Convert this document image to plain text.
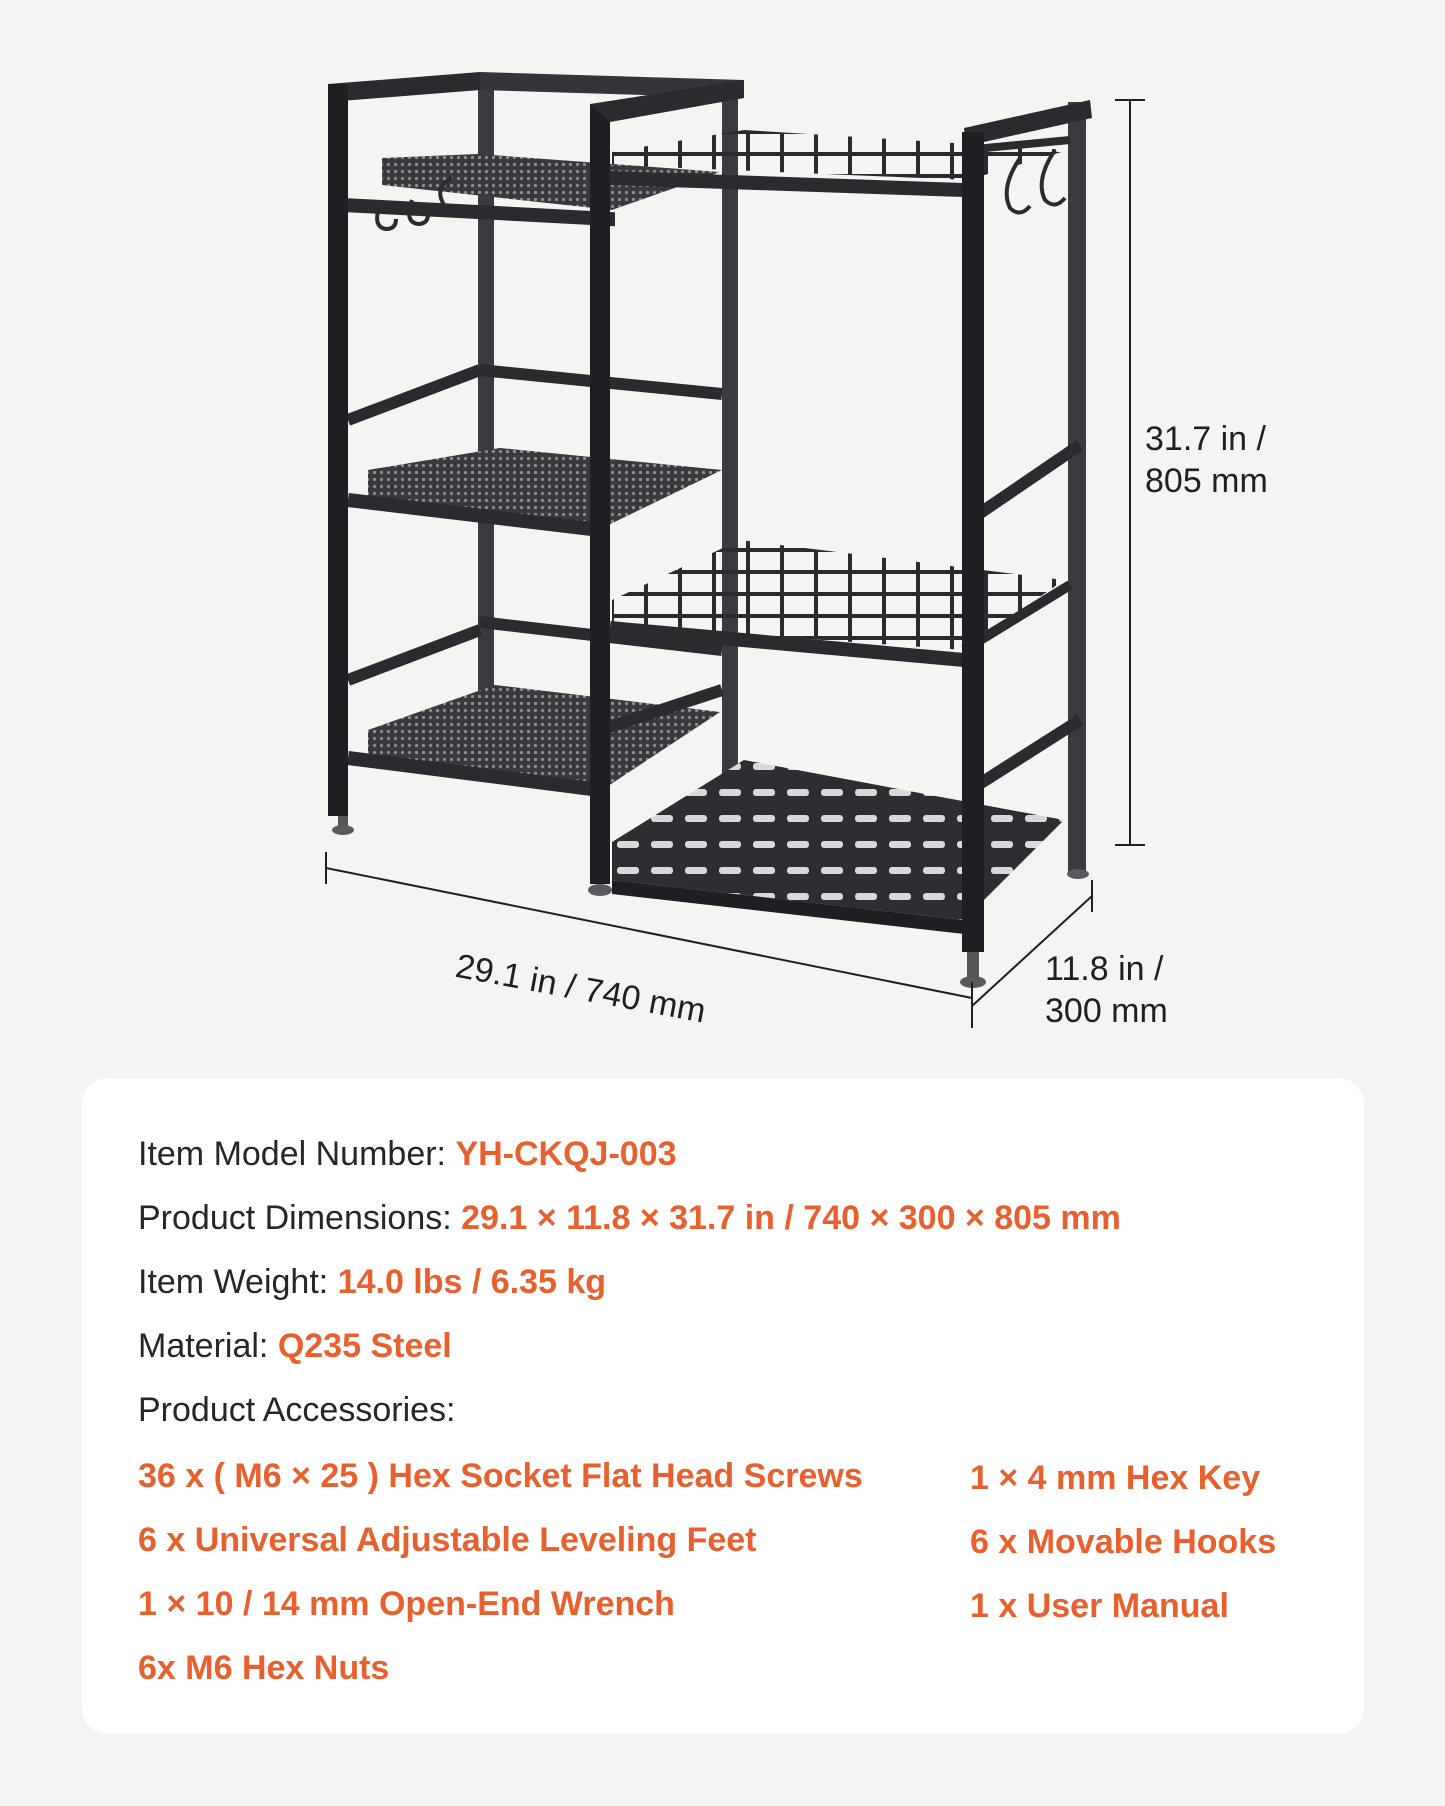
31.7 in /
805 mm
29.1 in / 740 mm	11.8 in /
300 mm
Item Model Number: YH-CKQJ-003
Product Dimensions: 29.1 × 11.8 × 31.7 in / 740 × 300 × 805 mm
Item Weight: 14.0 lbs / 6.35 kg
Material: Q235 Steel
Product Accessories:
36 x ( M6 × 25 ) Hex Socket Flat Head Screws
6 x Universal Adjustable Leveling Feet
1 × 10 / 14 mm Open-End Wrench
6x M6 Hex Nuts
1 × 4 mm Hex Key
6 x Movable Hooks
1 x User Manual
